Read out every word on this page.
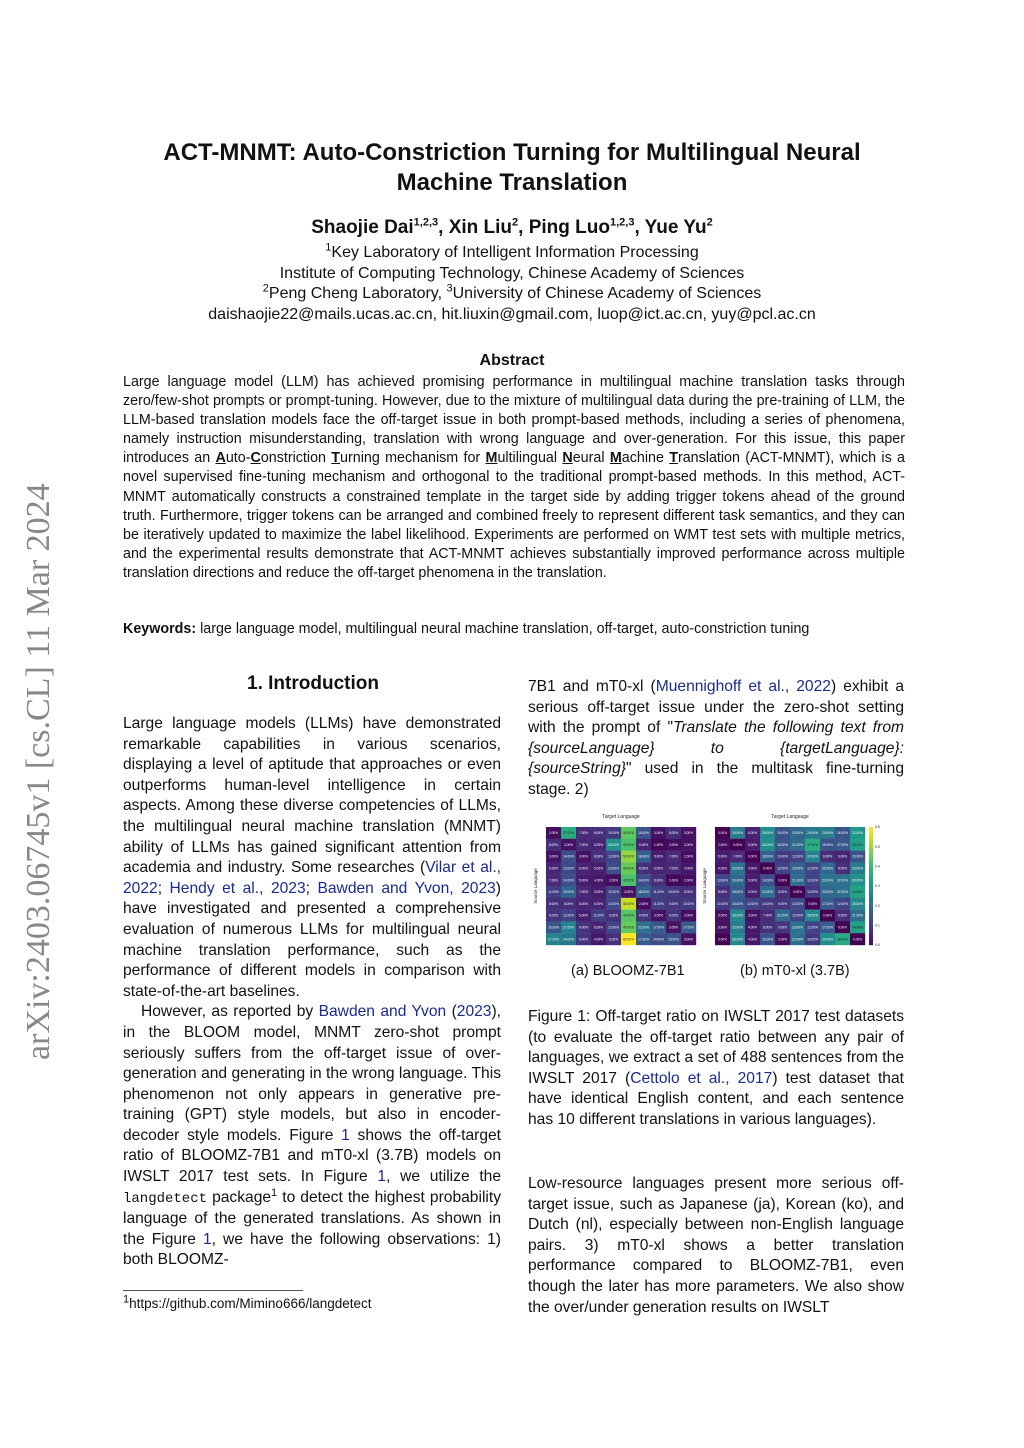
arXiv:2403.06745v1 [cs.CL] 11 Mar 2024
ACT-MNMT: Auto-Constriction Turning for Multilingual Neural
Machine Translation
Shaojie Dai$^{1,2,3}$, Xin Liu$^2$, Ping Luo$^{1,2,3}$, Yue Yu$^2$
$^1$Key Laboratory of Intelligent Information Processing
Institute of Computing Technology, Chinese Academy of Sciences
$^2$Peng Cheng Laboratory, $^3$University of Chinese Academy of Sciences
daishaojie22@mails.ucas.ac.cn, hit.liuxin@gmail.com, luop@ict.ac.cn, yuy@pcl.ac.cn
Abstract
Large language model (LLM) has achieved promising performance in multilingual machine translation tasks through zero/few-shot prompts or prompt-tuning. However, due to the mixture of multilingual data during the pre-training of LLM, the LLM-based translation models face the off-target issue in both prompt-based methods, including a series of phenomena, namely instruction misunderstanding, translation with wrong language and over-generation. For this issue, this paper introduces an Auto-Constriction Turning mechanism for Multilingual Neural Machine Translation (ACT-MNMT), which is a novel supervised fine-tuning mechanism and orthogonal to the traditional prompt-based methods. In this method, ACT-MNMT automatically constructs a constrained template in the target side by adding trigger tokens ahead of the ground truth. Furthermore, trigger tokens can be arranged and combined freely to represent different task semantics, and they can be iteratively updated to maximize the label likelihood. Experiments are performed on WMT test sets with multiple metrics, and the experimental results demonstrate that ACT-MNMT achieves substantially improved performance across multiple translation directions and reduce the off-target phenomena in the translation.
Keywords: large language model, multilingual neural machine translation, off-target, auto-constriction tuning
1. Introduction

Large language models (LLMs) have demonstrated remarkable capabilities in various scenarios, displaying a level of aptitude that approaches or even outperforms human-level intelligence in certain aspects. Among these diverse competencies of LLMs, the multilingual neural machine translation (MNMT) ability of LLMs has gained significant attention from academia and industry. Some researches (Vilar et al., 2022; Hendy et al., 2023; Bawden and Yvon, 2023) have investigated and presented a comprehensive evaluation of numerous LLMs for multilingual neural machine translation performance, such as the performance of different models in comparison with state-of-the-art baselines.

However, as reported by Bawden and Yvon (2023), in the BLOOM model, MNMT zero-shot prompt seriously suffers from the off-target issue of over-generation and generating in the wrong language. This phenomenon not only appears in generative pre-training (GPT) style models, but also in encoder-decoder style models. Figure 1 shows the off-target ratio of BLOOMZ-7B1 and mT0-xl (3.7B) models on IWSLT 2017 test sets. In Figure 1, we utilize the langdetect package$^1$ to detect the highest probability language of the generated translations. As shown in the Figure 1, we have the following observations: 1) both BLOOMZ-

$^1$https://github.com/Mimino666/langdetect

7B1 and mT0-xl (Muennighoff et al., 2022) exhibit a serious off-target issue under the zero-shot setting with the prompt of "Translate the following text from {sourceLanguage} to {targetLanguage}: {sourceString}" used in the multitask fine-turning stage. 2)

Target Language
Source Language
2.00% 37.00% 7.00% 8.00% 10.00% 45.00% 15.00% 3.00% 8.00% 3.00%
8.00% 3.00% 7.00% 6.00% 30.00% 43.00% 6.00% 1.00% 2.00% 3.00%
3.00% 14.00% 3.00% 8.00% 12.00% 50.00% 18.00% 5.00% 7.00% 2.00%
6.00% 13.00% 6.00% 5.00% 14.00% 46.00% 8.00% 6.00% 7.00% 4.00%
7.00% 14.00% 5.00% 4.00% 2.00% 43.00% 14.00% 8.00% 1.00% 2.00%
11.00% 19.00% 7.00% 5.00% 12.00% 3.00% 18.00% 11.00% 10.00% 8.00%
8.00% 8.00% 6.00% 6.00% 13.00% 55.00% 2.00% 11.00% 9.00% 10.00%
9.00% 12.00% 5.00% 11.00% 8.00% 44.00% 9.00% 3.00% 9.00% 2.00%
16.00% 27.00% 9.00% 6.00% 12.00% 46.00% 22.00% 17.00% 3.00% 17.00%
27.00% 24.00% 9.00% 4.00% 8.00% 60.00% 17.00% 14.00% 15.00% 3.00%
Target Language
Source Language
0.00% 25.00% 6.00% 29.00% 15.00% 20.00% 24.00% 25.00% 16.00% 32.00%
2.00% 0.00% 5.00% 30.00% 16.00% 21.00% 37.00% 15.00% 17.00% 34.00%
5.00% 7.00% 0.00% 18.00% 10.00% 12.00% 27.00% 8.00% 6.00% 15.00%
4.00% 23.00% 4.00% 0.00% 12.00% 19.00% 12.00% 20.00% 8.00% 25.00%
13.00% 20.00% 5.00% 14.00% 0.00% 21.00% 12.00% 23.00% 22.00% 30.00%
8.00% 18.00% 5.00% 22.00% 8.00% 0.00% 10.00% 20.00% 22.00% 35.00%
10.00% 16.00% 12.00% 10.00% 9.00% 13.00% 0.00% 17.00% 12.00% 28.00%
3.00% 28.00% 3.00% 7.00% 21.00% 12.00% 28.00% 0.00% 8.00% 21.00%
3.00% 25.00% 4.00% 8.00% 9.00% 23.00% 12.00% 17.00% 0.00% 34.00%
0.00% 28.00% 4.00% 16.00% 2.00% 22.00% 10.00% 29.00% 36.00% 0.00%
0.0
0.1
0.2
0.3
0.4
0.5
0.6
(a) BLOOMZ-7B1	(b) mT0-xl (3.7B)

Figure 1: Off-target ratio on IWSLT 2017 test datasets (to evaluate the off-target ratio between any pair of languages, we extract a set of 488 sentences from the IWSLT 2017 (Cettolo et al., 2017) test dataset that have identical English content, and each sentence has 10 different translations in various languages).

Low-resource languages present more serious off-target issue, such as Japanese (ja), Korean (ko), and Dutch (nl), especially between non-English language pairs. 3) mT0-xl shows a better translation performance compared to BLOOMZ-7B1, even though the later has more parameters. We also show the over/under generation results on IWSLT
